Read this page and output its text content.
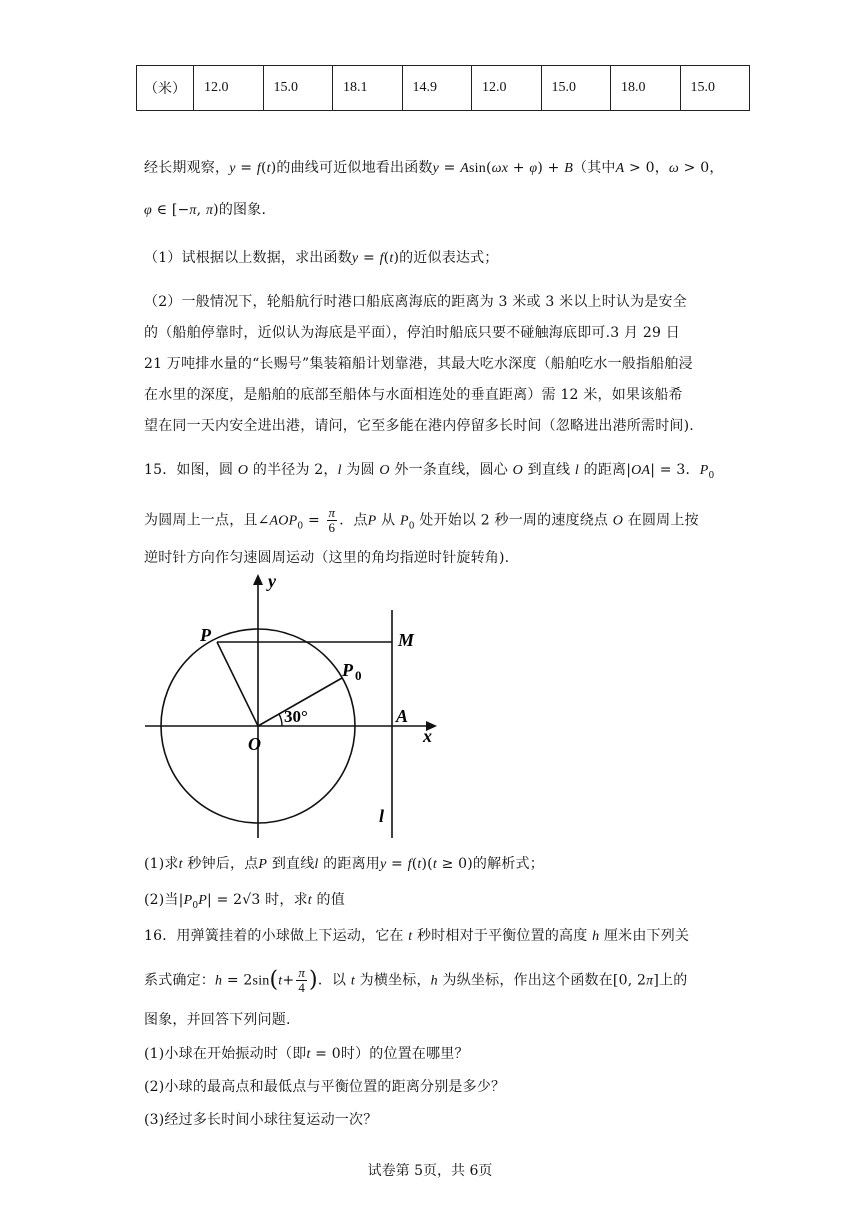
（米）	12.0	15.0	18.1	14.9	12.0	15.0	18.0	15.0
经长期观察，y = f(t)的曲线可近似地看出函数y = Asin(ωx + φ) + B（其中A > 0，ω > 0，
φ ∈ [−π, π)的图象.
（1）试根据以上数据，求出函数y = f(t)的近似表达式；
（2）一般情况下，轮船航行时港口船底离海底的距离为 3 米或 3 米以上时认为是安全
的（船舶停靠时，近似认为海底是平面），停泊时船底只要不碰触海底即可.3 月 29 日
21 万吨排水量的“长赐号”集装箱船计划靠港，其最大吃水深度（船舶吃水一般指船舶浸
在水里的深度，是船舶的底部至船体与水面相连处的垂直距离）需 12 米，如果该船希
望在同一天内安全进出港，请问，它至多能在港内停留多长时间（忽略进出港所需时间).
15．如图，圆 O 的半径为 2，l 为圆 O 外一条直线，圆心 O 到直线 l 的距离|OA| = 3．$P_0$
为圆周上一点，且$\angle AOP_0 = \frac{\pi}{6}$ ．点P 从 $P_0$ 处开始以 2 秒一周的速度绕点 O 在圆周上按
逆时针方向作匀速圆周运动（这里的角均指逆时针旋转角).
O
y
x
P
P 0
M
A
30°
l
(1)求t 秒钟后，点P 到直线l 的距离用y = f(t)(t ≥ 0)的解析式；
(2)当$|P_0P| = 2√3$ 时，求t 的值
16．用弹簧挂着的小球做上下运动，它在 t 秒时相对于平衡位置的高度 h 厘米由下列关
系式确定：$h = 2\sin(t+ \frac{\pi}{4}$ )．以 t 为横坐标，h 为纵坐标，作出这个函数在[0, 2π]上的
图象，并回答下列问题.
(1)小球在开始振动时（即t = 0时）的位置在哪里？
(2)小球的最高点和最低点与平衡位置的距离分别是多少？
(3)经过多长时间小球往复运动一次？
试卷第 5页，共 6页
